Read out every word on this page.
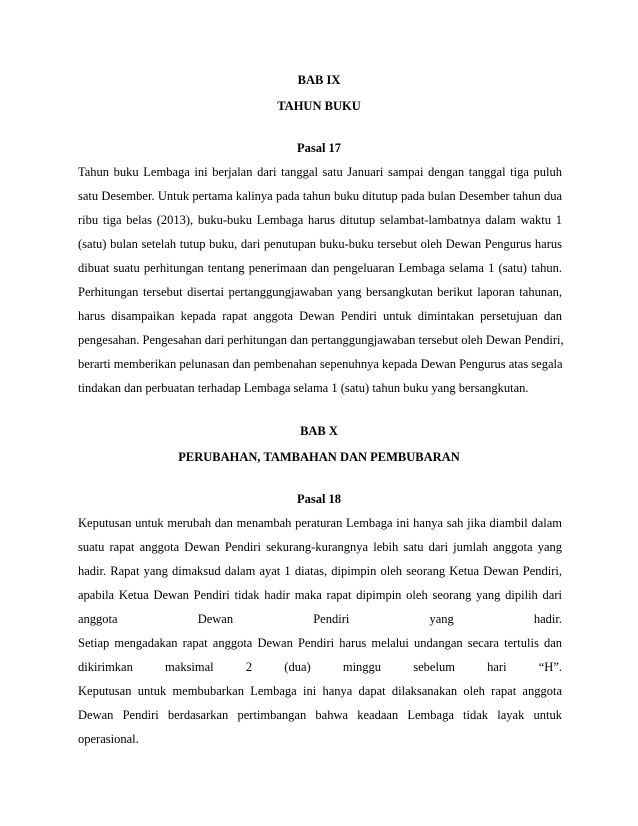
BAB IX
TAHUN BUKU
Pasal 17
Tahun buku Lembaga ini berjalan dari tanggal satu Januari sampai dengan tanggal tiga puluh
satu Desember. Untuk pertama kalinya pada tahun buku ditutup pada bulan Desember tahun dua
ribu tiga belas (2013), buku-buku Lembaga harus ditutup selambat-lambatnya dalam waktu 1
(satu) bulan setelah tutup buku, dari penutupan buku-buku tersebut oleh Dewan Pengurus harus
dibuat suatu perhitungan tentang penerimaan dan pengeluaran Lembaga selama 1 (satu) tahun.
Perhitungan tersebut disertai pertanggungjawaban yang bersangkutan berikut laporan tahunan,
harus disampaikan kepada rapat anggota Dewan Pendiri untuk dimintakan persetujuan dan
pengesahan. Pengesahan dari perhitungan dan pertanggungjawaban tersebut oleh Dewan Pendiri,
berarti memberikan pelunasan dan pembenahan sepenuhnya kepada Dewan Pengurus atas segala
tindakan dan perbuatan terhadap Lembaga selama 1 (satu) tahun buku yang bersangkutan.
BAB X
PERUBAHAN, TAMBAHAN DAN PEMBUBARAN
Pasal 18
Keputusan untuk merubah dan menambah peraturan Lembaga ini hanya sah jika diambil dalam
suatu rapat anggota Dewan Pendiri sekurang-kurangnya lebih satu dari jumlah anggota yang
hadir. Rapat yang dimaksud dalam ayat 1 diatas, dipimpin oleh seorang Ketua Dewan Pendiri,
apabila Ketua Dewan Pendiri tidak hadir maka rapat dipimpin oleh seorang yang dipilih dari
anggota Dewan Pendiri yang hadir.
Setiap mengadakan rapat anggota Dewan Pendiri harus melalui undangan secara tertulis dan
dikirimkan maksimal 2 (dua) minggu sebelum hari “H”.
Keputusan untuk membubarkan Lembaga ini hanya dapat dilaksanakan oleh rapat anggota
Dewan Pendiri berdasarkan pertimbangan bahwa keadaan Lembaga tidak layak untuk
operasional.
